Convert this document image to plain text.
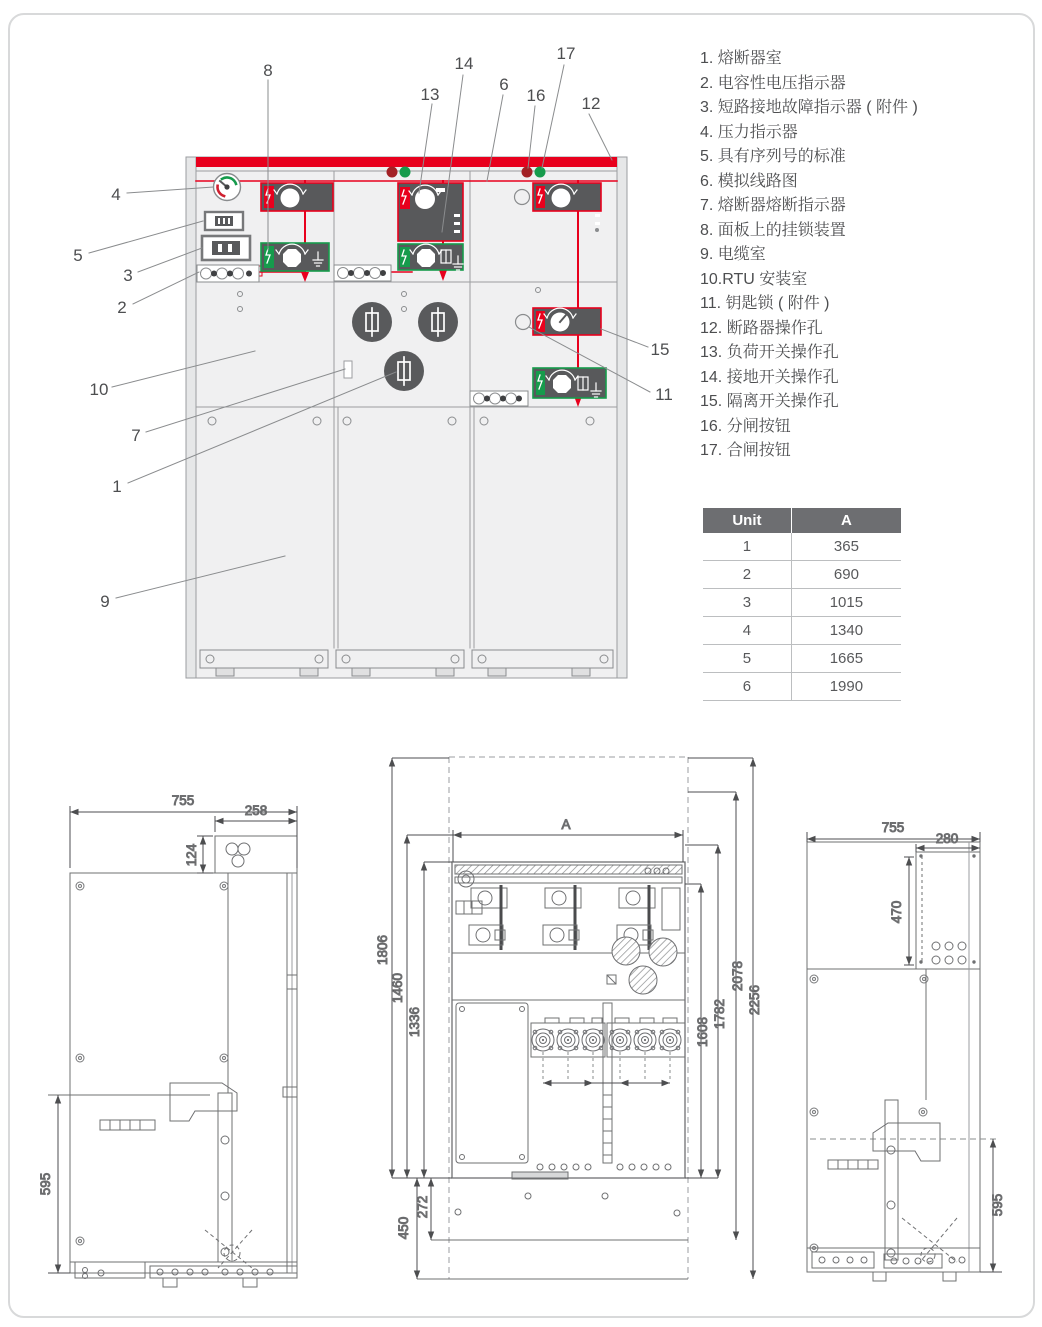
8
13
14
6
16
17
12
4
5
3
2
10
7
1
9
15
11
755
258
124
595
A
1806
1460
1336
272
450
1608
1782
2078
2256
755
280
470
595
1. 熔断器室
2. 电容性电压指示器
3. 短路接地故障指示器 ( 附件 )
4. 压力指示器
5. 具有序列号的标准
6. 模拟线路图
7. 熔断器熔断指示器
8. 面板上的挂锁装置
9. 电缆室
10.RTU 安装室
11. 钥匙锁 ( 附件 )
12. 断路器操作孔
13. 负荷开关操作孔
14. 接地开关操作孔
15. 隔离开关操作孔
16. 分闸按钮
17. 合闸按钮
Unit	A
1	365
2	690
3	1015
4	1340
5	1665
6	1990
